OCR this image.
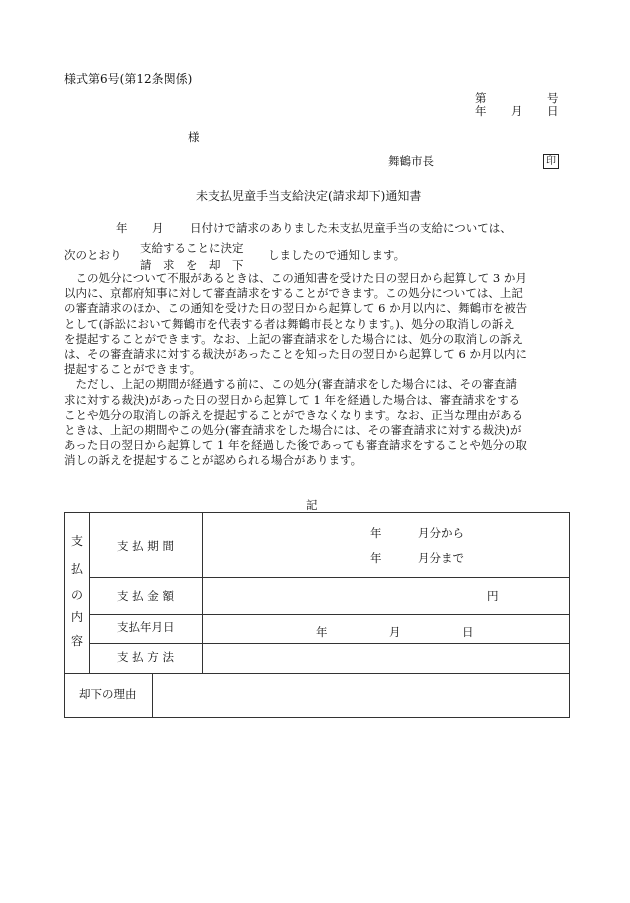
様式第6号(第12条関係)
第	号
年 月 日
様
舞鶴市長	印
未支払児童手当支給決定(請求却下)通知書
年 月 日付けで請求のありました未支払児童手当の支給については、
次のとおり 支給することに決定
請　求　を　却　下
しましたので通知します。

　この処分について不服があるときは、この通知書を受けた日の翌日から起算して 3 か月

以内に、京都府知事に対して審査請求をすることができます。この処分については、上記

の審査請求のほか、この通知を受けた日の翌日から起算して 6 か月以内に、舞鶴市を被告

として(訴訟において舞鶴市を代表する者は舞鶴市長となります。)、処分の取消しの訴え

を提起することができます。なお、上記の審査請求をした場合には、処分の取消しの訴え

は、その審査請求に対する裁決があったことを知った日の翌日から起算して 6 か月以内に

提起することができます。

　ただし、上記の期間が経過する前に、この処分(審査請求をした場合には、その審査請

求に対する裁決)があった日の翌日から起算して 1 年を経過した場合は、審査請求をする

ことや処分の取消しの訴えを提起することができなくなります。なお、正当な理由がある

ときは、上記の期間やこの処分(審査請求をした場合には、その審査請求に対する裁決)が

あった日の翌日から起算して 1 年を経過した後であっても審査請求をすることや処分の取

消しの訴えを提起することが認められる場合があります。

記
支
払
の
内
容
支 払 期 間
年	月分から
年	月分まで
支 払 金 額	円
支払年月日	年	月	日
支 払 方 法
却下の理由
